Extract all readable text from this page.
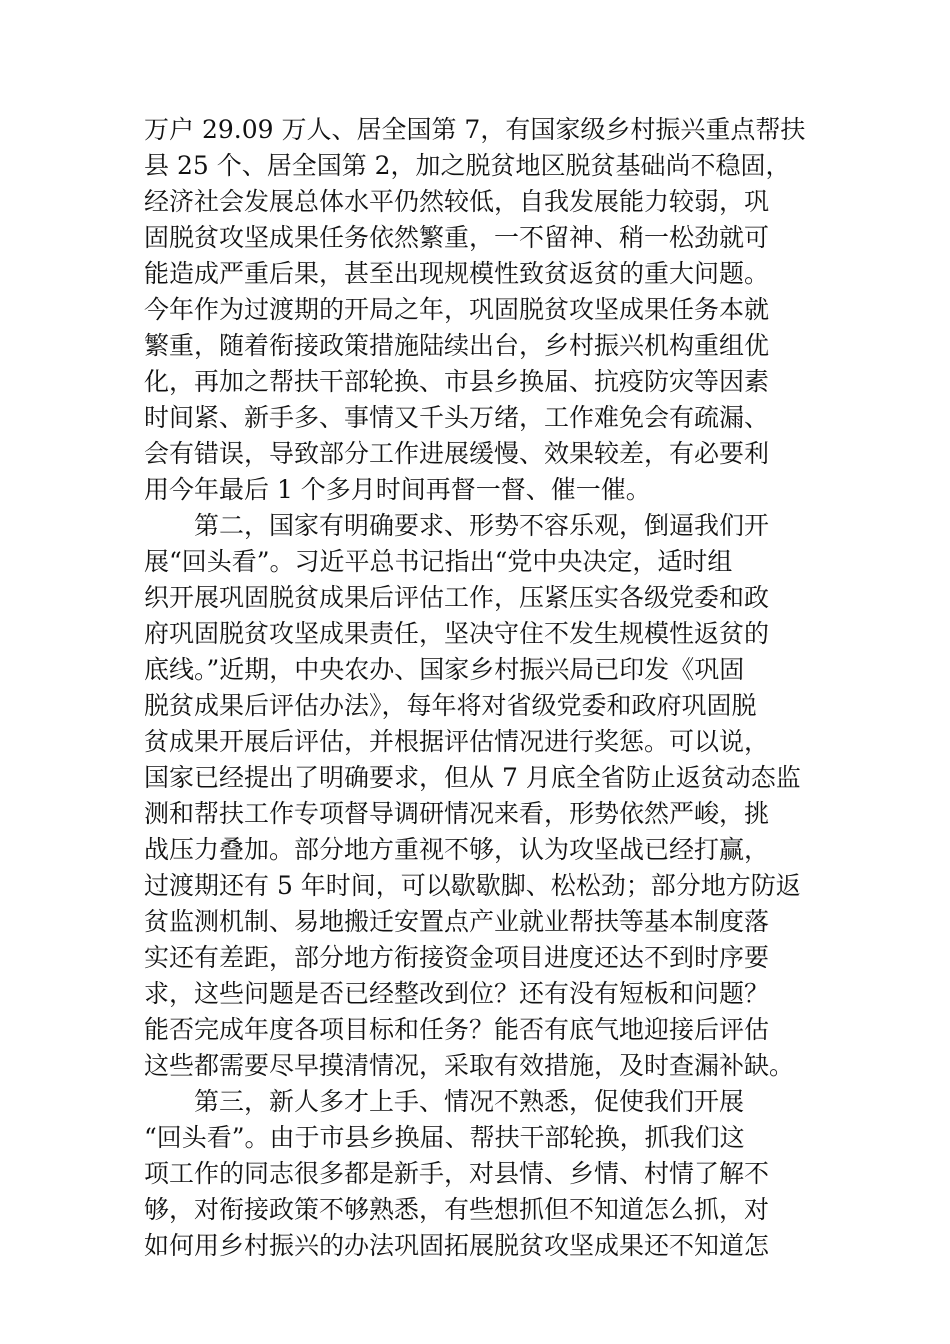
万户 29.09 万人、居全国第 7，有国家级乡村振兴重点帮扶
县 25 个、居全国第 2，加之脱贫地区脱贫基础尚不稳固，
经济社会发展总体水平仍然较低，自我发展能力较弱，巩
固脱贫攻坚成果任务依然繁重，一不留神、稍一松劲就可
能造成严重后果，甚至出现规模性致贫返贫的重大问题。
今年作为过渡期的开局之年，巩固脱贫攻坚成果任务本就
繁重，随着衔接政策措施陆续出台，乡村振兴机构重组优
化，再加之帮扶干部轮换、市县乡换届、抗疫防灾等因素
时间紧、新手多、事情又千头万绪，工作难免会有疏漏、
会有错误，导致部分工作进展缓慢、效果较差，有必要利
用今年最后 1 个多月时间再督一督、催一催。
　　第二，国家有明确要求、形势不容乐观，倒逼我们开
展“回头看”。习近平总书记指出“党中央决定，适时组
织开展巩固脱贫成果后评估工作，压紧压实各级党委和政
府巩固脱贫攻坚成果责任，坚决守住不发生规模性返贫的
底线。”近期，中央农办、国家乡村振兴局已印发《巩固
脱贫成果后评估办法》，每年将对省级党委和政府巩固脱
贫成果开展后评估，并根据评估情况进行奖惩。可以说，
国家已经提出了明确要求，但从 7 月底全省防止返贫动态监
测和帮扶工作专项督导调研情况来看，形势依然严峻，挑
战压力叠加。部分地方重视不够，认为攻坚战已经打赢，
过渡期还有 5 年时间，可以歇歇脚、松松劲；部分地方防返
贫监测机制、易地搬迁安置点产业就业帮扶等基本制度落
实还有差距，部分地方衔接资金项目进度还达不到时序要
求，这些问题是否已经整改到位？还有没有短板和问题？
能否完成年度各项目标和任务？能否有底气地迎接后评估
这些都需要尽早摸清情况，采取有效措施，及时查漏补缺。
　　第三，新人多才上手、情况不熟悉，促使我们开展
“回头看”。由于市县乡换届、帮扶干部轮换，抓我们这
项工作的同志很多都是新手，对县情、乡情、村情了解不
够，对衔接政策不够熟悉，有些想抓但不知道怎么抓，对
如何用乡村振兴的办法巩固拓展脱贫攻坚成果还不知道怎
